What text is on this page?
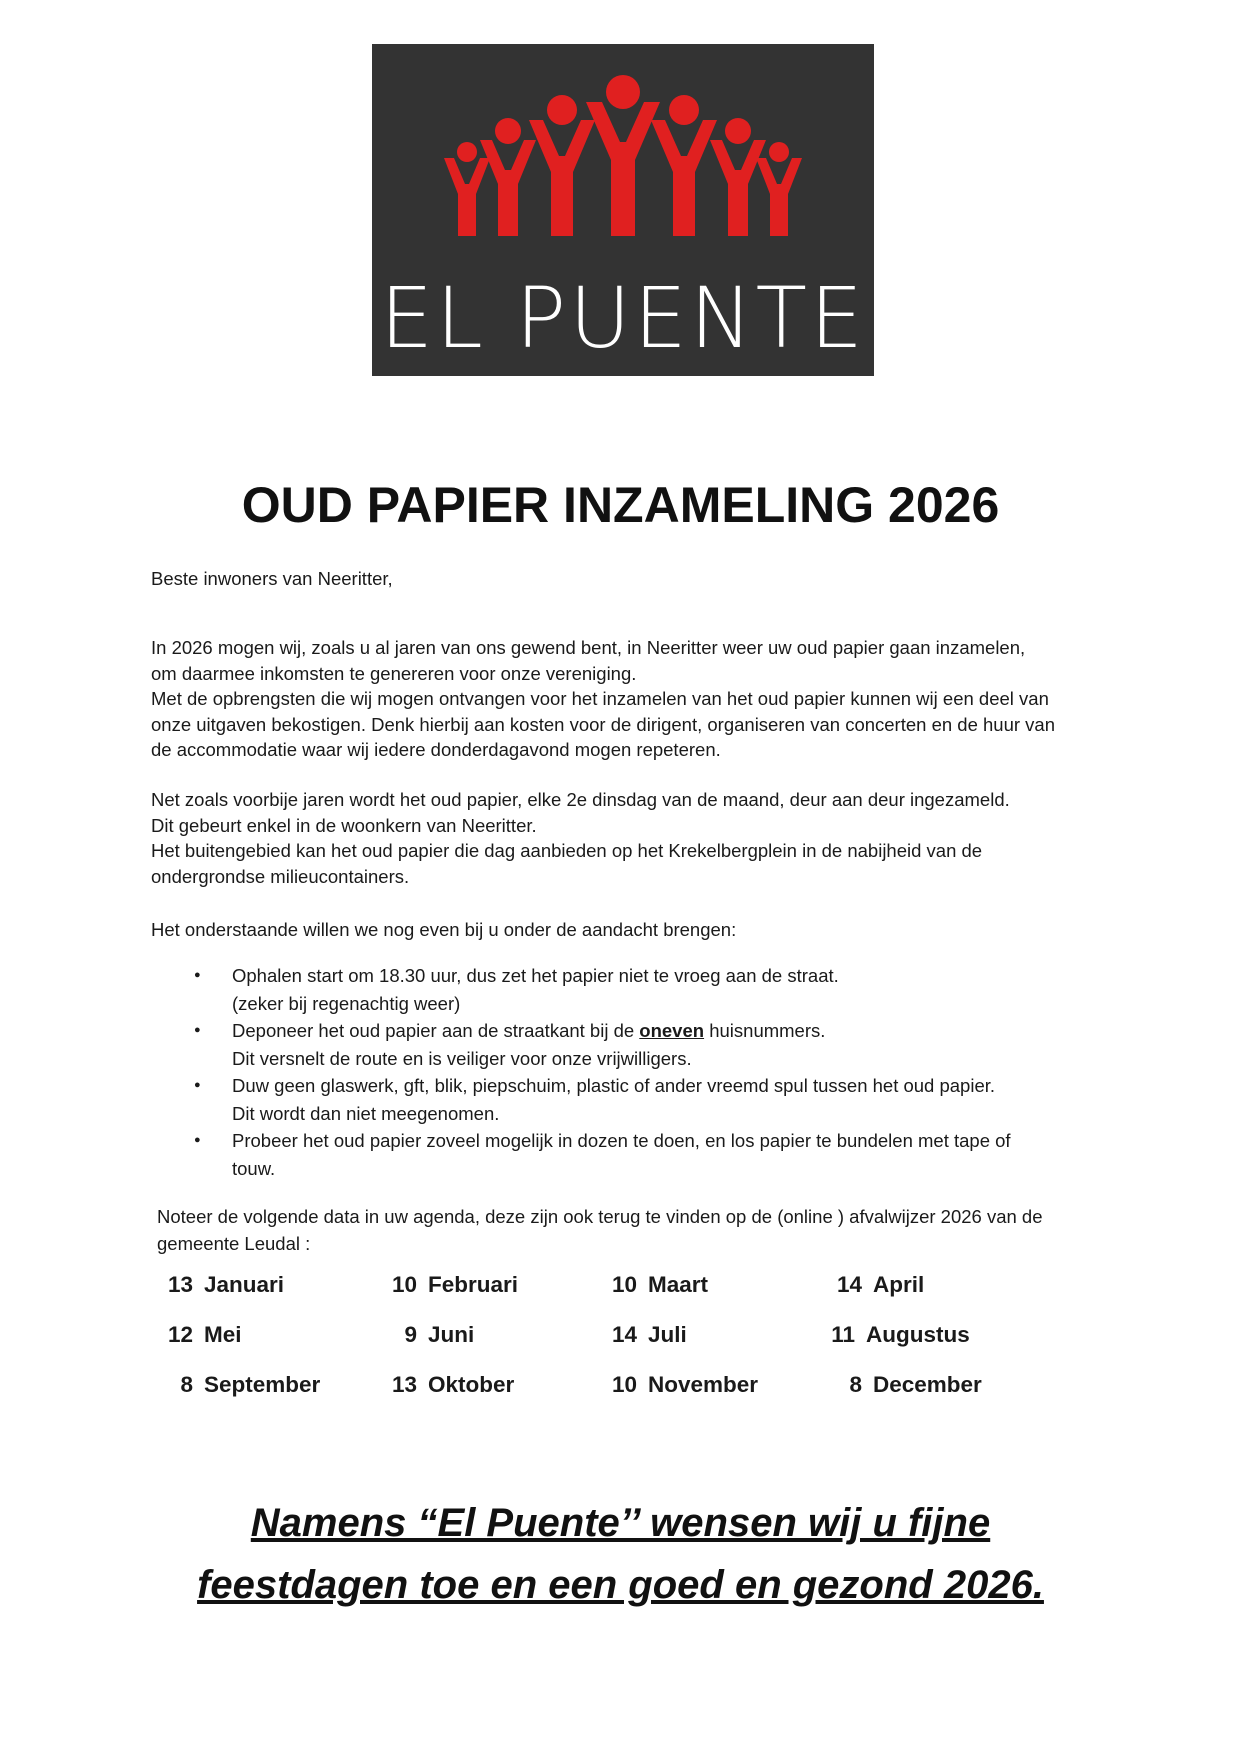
EL PUENTE
OUD PAPIER INZAMELING 2026

Beste inwoners van Neeritter,

In 2026 mogen wij, zoals u al jaren van ons gewend bent, in Neeritter weer uw oud papier gaan inzamelen,
om daarmee inkomsten te genereren voor onze vereniging.
Met de opbrengsten die wij mogen ontvangen voor het inzamelen van het oud papier kunnen wij een deel van
onze uitgaven bekostigen. Denk hierbij aan kosten voor de dirigent, organiseren van concerten en de huur van
de accommodatie waar wij iedere donderdagavond mogen repeteren.

Net zoals voorbije jaren wordt het oud papier, elke 2e dinsdag van de maand, deur aan deur ingezameld.
Dit gebeurt enkel in de woonkern van Neeritter.
Het buitengebied kan het oud papier die dag aanbieden op het Krekelbergplein in de nabijheid van de
ondergrondse milieucontainers.

Het onderstaande willen we nog even bij u onder de aandacht brengen:

● Ophalen start om 18.30 uur, dus zet het papier niet te vroeg aan de straat.
(zeker bij regenachtig weer)
● Deponeer het oud papier aan de straatkant bij de oneven huisnummers.
Dit versnelt de route en is veiliger voor onze vrijwilligers.
● Duw geen glaswerk, gft, blik, piepschuim, plastic of ander vreemd spul tussen het oud papier.
Dit wordt dan niet meegenomen.
● Probeer het oud papier zoveel mogelijk in dozen te doen, en los papier te bundelen met tape of
touw.

Noteer de volgende data in uw agenda, deze zijn ook terug te vinden op de (online ) afvalwijzer 2026 van de
gemeente Leudal :

13 Januari	10 Februari	10 Maart	14 April
12 Mei	9 Juni	14 Juli	11 Augustus
8 September	13 Oktober	10 November	8 December

Namens “El Puente’’ wensen wij u fijne
feestdagen toe en een goed en gezond 2026.
